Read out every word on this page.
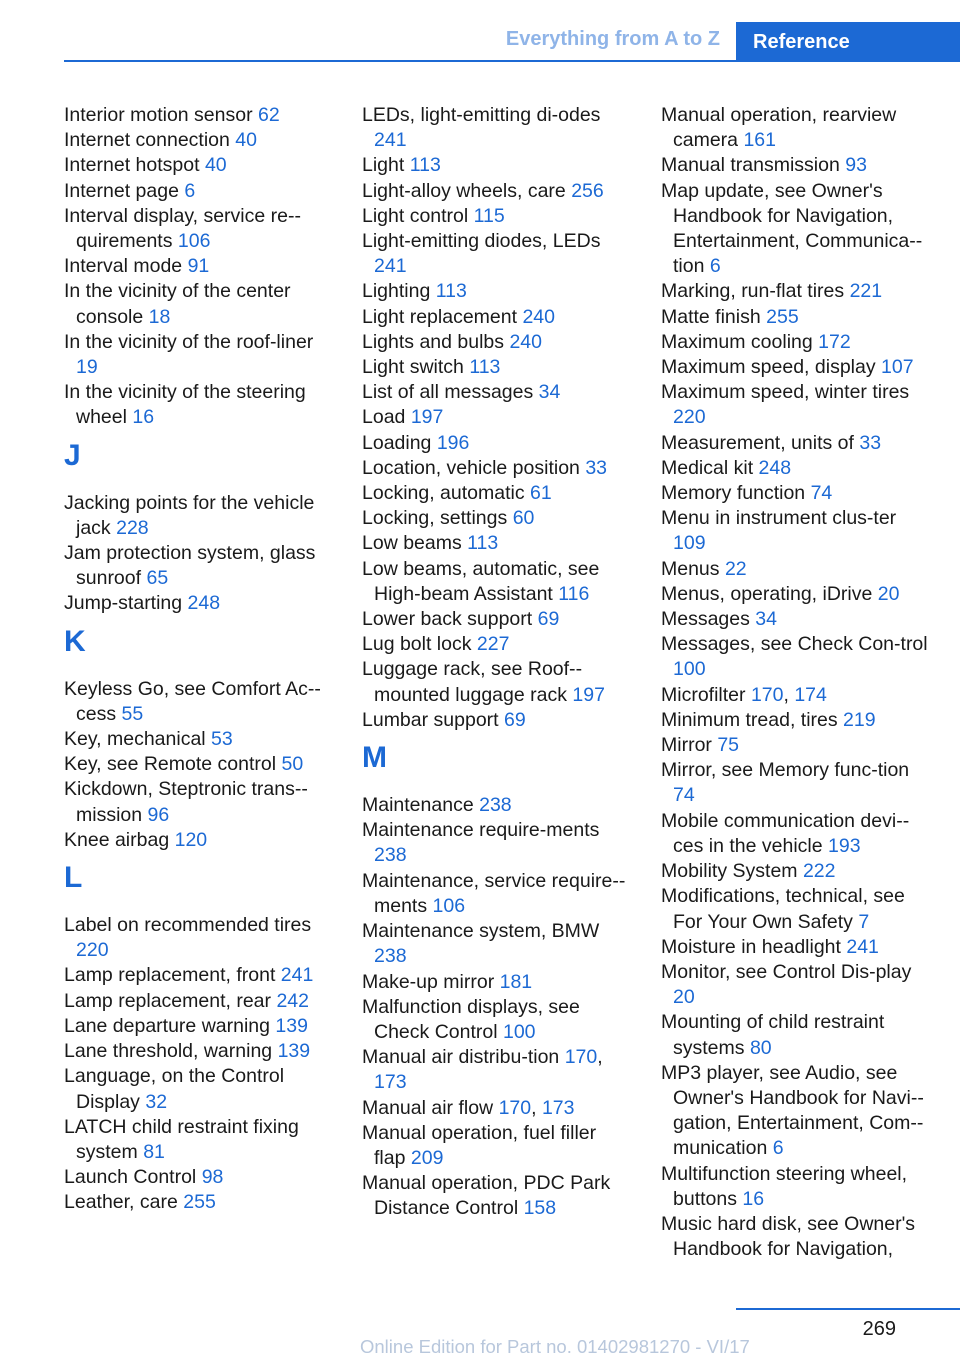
Everything from A to Z	Reference
Interior motion sensor 62
Internet connection 40
Internet hotspot 40
Internet page 6
Interval display, service re-quirements 106
Interval mode 91
In the vicinity of the center console 18
In the vicinity of the roof-liner 19
In the vicinity of the steering wheel 16
J
Jacking points for the vehicle jack 228
Jam protection system, glass sunroof 65
Jump-starting 248
K
Keyless Go, see Comfort Ac-cess 55
Key, mechanical 53
Key, see Remote control 50
Kickdown, Steptronic trans-mission 96
Knee airbag 120
L
Label on recommended tires 220
Lamp replacement, front 241
Lamp replacement, rear 242
Lane departure warning 139
Lane threshold, warning 139
Language, on the Control Display 32
LATCH child restraint fixing system 81
Launch Control 98
Leather, care 255
LEDs, light-emitting di-odes 241
Light 113
Light-alloy wheels, care 256
Light control 115
Light-emitting diodes, LEDs 241
Lighting 113
Light replacement 240
Lights and bulbs 240
Light switch 113
List of all messages 34
Load 197
Loading 196
Location, vehicle position 33
Locking, automatic 61
Locking, settings 60
Low beams 113
Low beams, automatic, see High-beam Assistant 116
Lower back support 69
Lug bolt lock 227
Luggage rack, see Roof-mounted luggage rack 197
Lumbar support 69
M
Maintenance 238
Maintenance require-ments 238
Maintenance, service require-ments 106
Maintenance system, BMW 238
Make-up mirror 181
Malfunction displays, see Check Control 100
Manual air distribu-tion 170, 173
Manual air flow 170, 173
Manual operation, fuel filler flap 209
Manual operation, PDC Park Distance Control 158
Manual operation, rearview camera 161
Manual transmission 93
Map update, see Owner's Handbook for Navigation, Entertainment, Communica-tion 6
Marking, run-flat tires 221
Matte finish 255
Maximum cooling 172
Maximum speed, display 107
Maximum speed, winter tires 220
Measurement, units of 33
Medical kit 248
Memory function 74
Menu in instrument clus-ter 109
Menus 22
Menus, operating, iDrive 20
Messages 34
Messages, see Check Con-trol 100
Microfilter 170, 174
Minimum tread, tires 219
Mirror 75
Mirror, see Memory func-tion 74
Mobile communication devi-ces in the vehicle 193
Mobility System 222
Modifications, technical, see For Your Own Safety 7
Moisture in headlight 241
Monitor, see Control Dis-play 20
Mounting of child restraint systems 80
MP3 player, see Audio, see Owner's Handbook for Navi-gation, Entertainment, Com-munication 6
Multifunction steering wheel, buttons 16
Music hard disk, see Owner's Handbook for Navigation,
269
Online Edition for Part no. 01402981270 - VI/17
